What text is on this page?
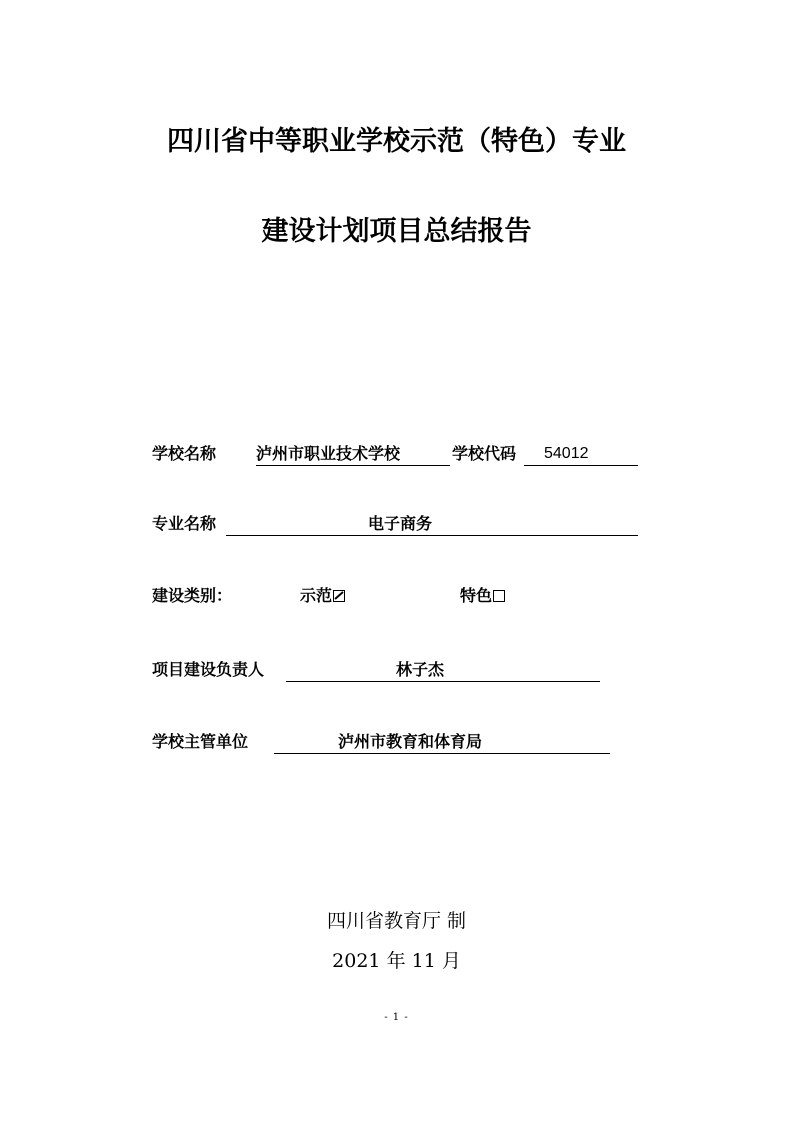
四川省中等职业学校示范（特色）专业
建设计划项目总结报告
学校名称 泸州市职业技术学校	学校代码 54012
专业名称	电子商务
建设类别：	示范	特色
项目建设负责人	林子杰
学校主管单位	泸州市教育和体育局
四川省教育厅 制
2021 年 11 月
- 1 -
